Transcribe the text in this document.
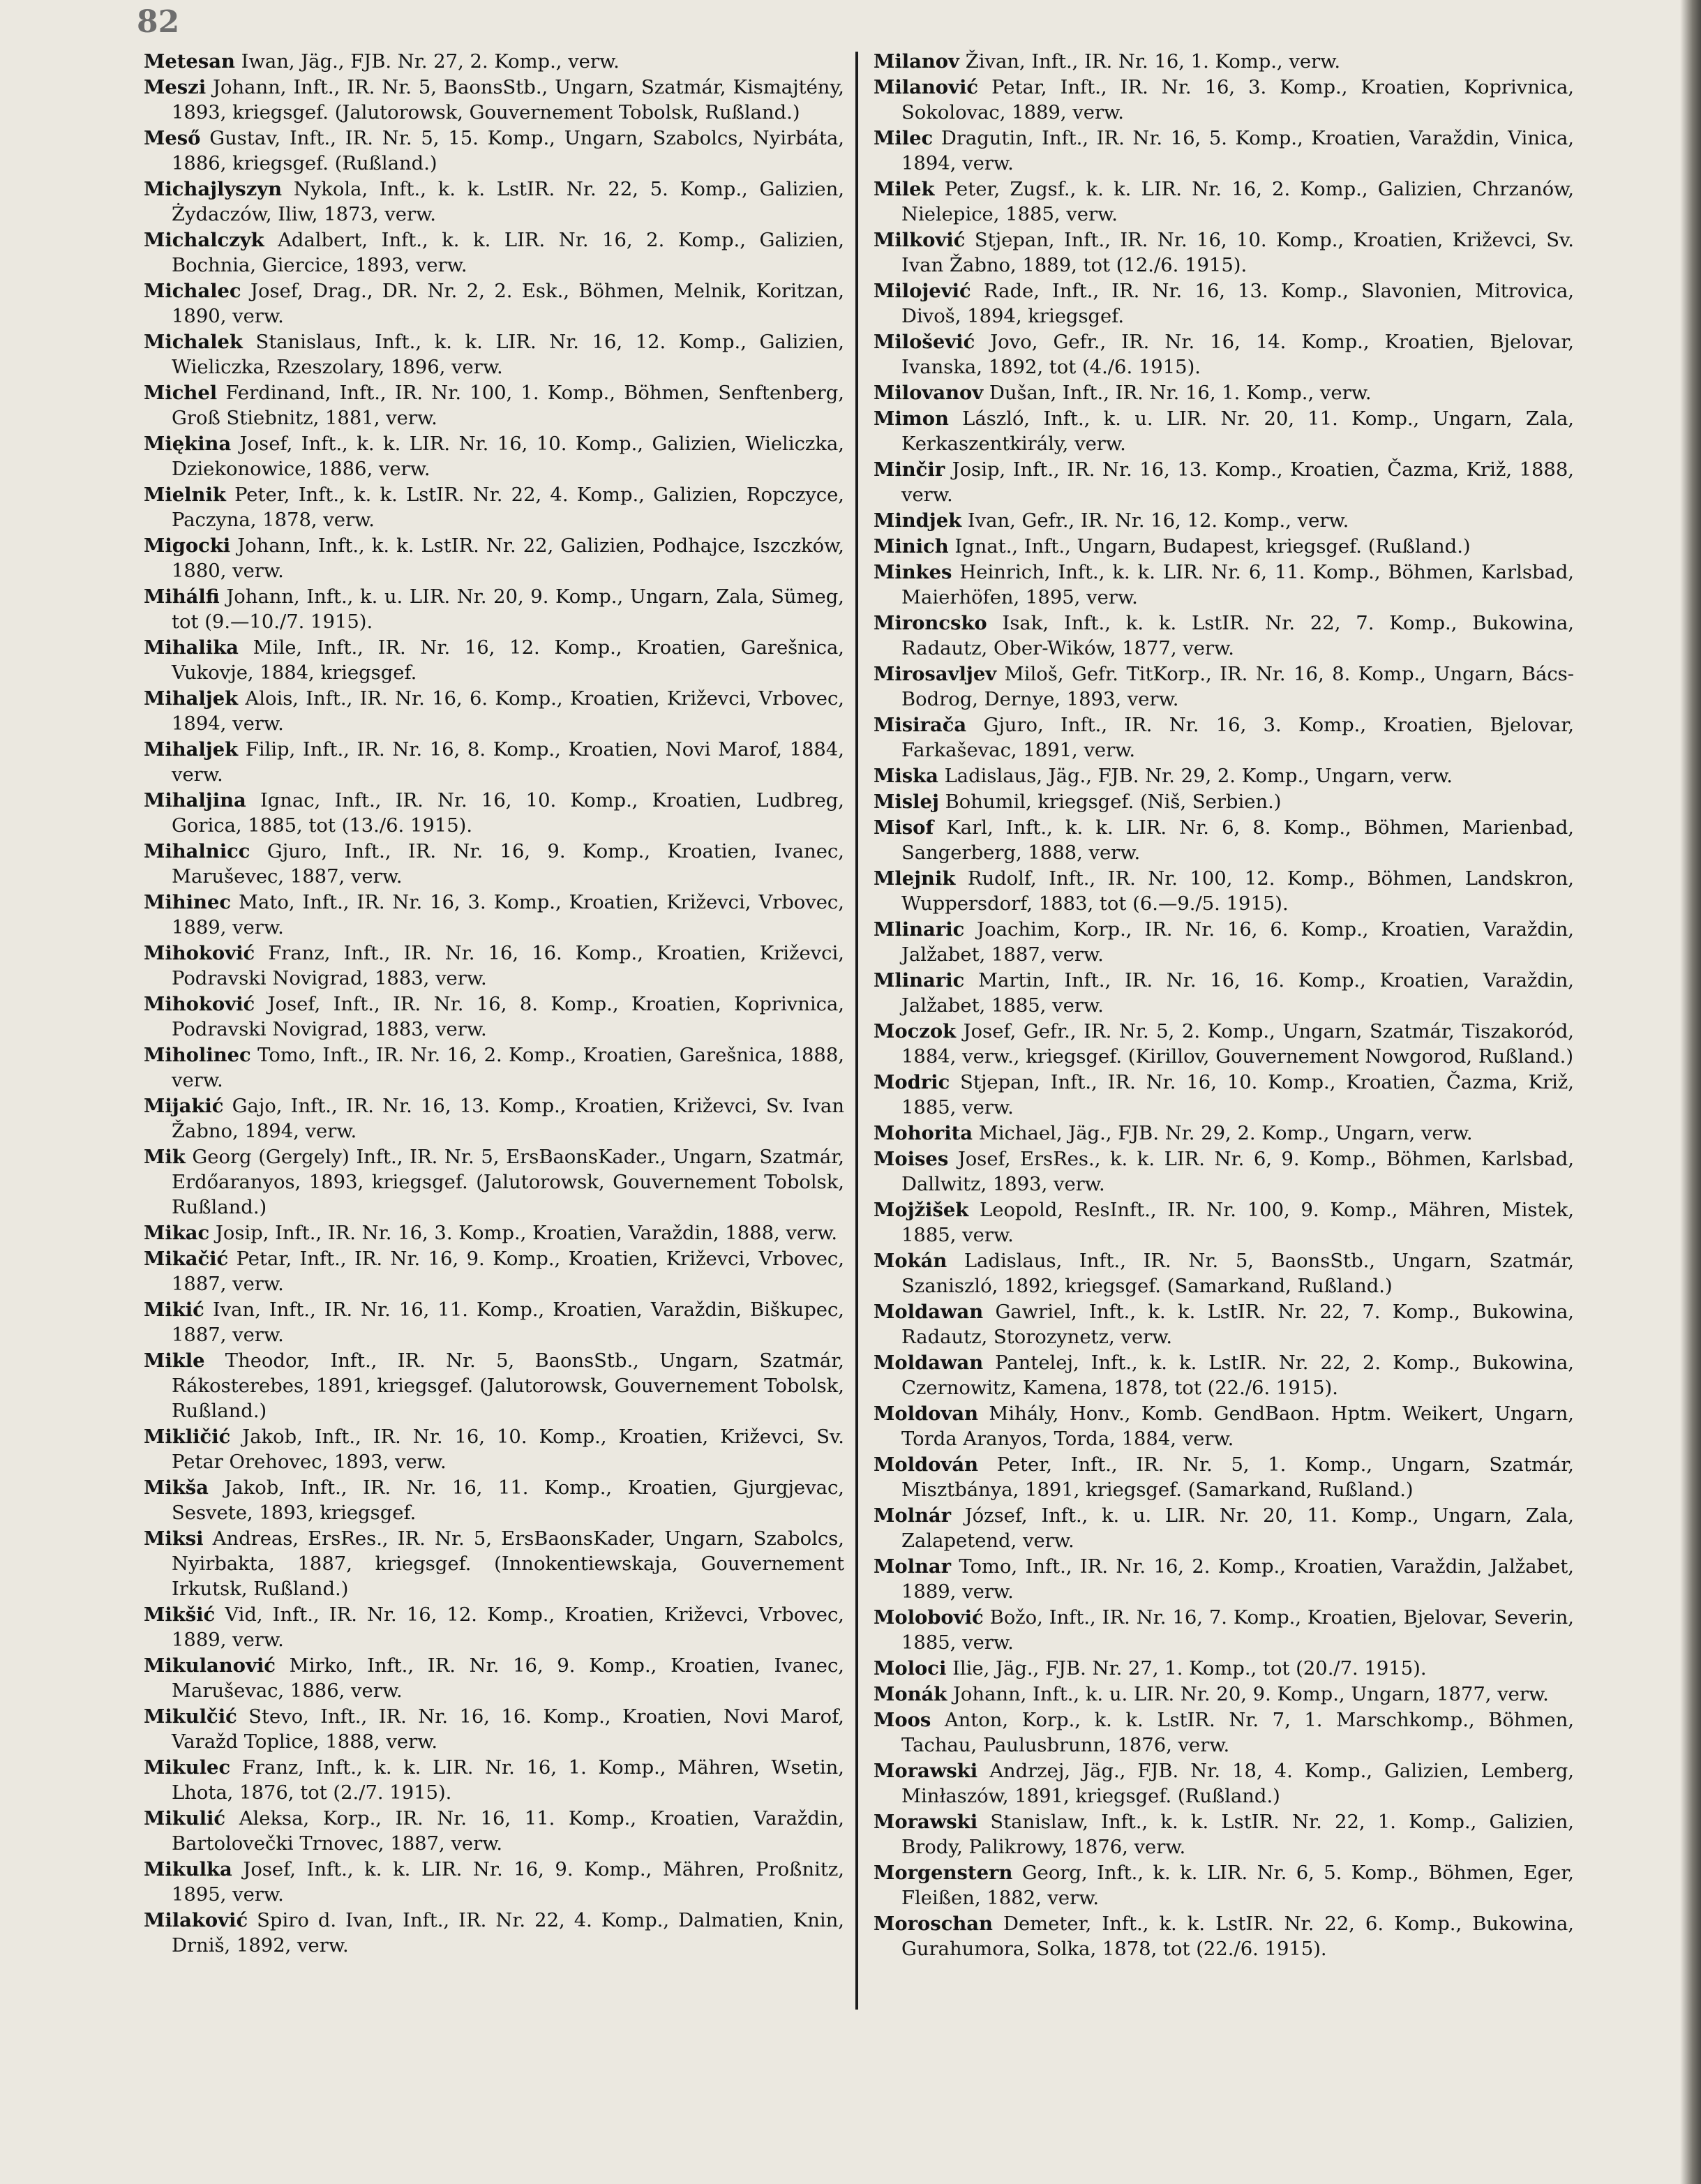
82

Metesan Iwan, Jäg., FJB. Nr. 27, 2. Komp., verw.

Meszi Johann, Inft., IR. Nr. 5, BaonsStb., Ungarn, Szatmár, Kismajtény, 1893, kriegsgef. (Jalutorowsk, Gouvernement Tobolsk, Rußland.)

Meső Gustav, Inft., IR. Nr. 5, 15. Komp., Ungarn, Szabolcs, Nyirbáta, 1886, kriegsgef. (Rußland.)

Michajlyszyn Nykola, Inft., k. k. LstIR. Nr. 22, 5. Komp., Galizien, Żydaczów, Iliw, 1873, verw.

Michalczyk Adalbert, Inft., k. k. LIR. Nr. 16, 2. Komp., Galizien, Bochnia, Giercice, 1893, verw.

Michalec Josef, Drag., DR. Nr. 2, 2. Esk., Böhmen, Melnik, Koritzan, 1890, verw.

Michalek Stanislaus, Inft., k. k. LIR. Nr. 16, 12. Komp., Galizien, Wieliczka, Rzeszolary, 1896, verw.

Michel Ferdinand, Inft., IR. Nr. 100, 1. Komp., Böhmen, Senftenberg, Groß Stiebnitz, 1881, verw.

Miękina Josef, Inft., k. k. LIR. Nr. 16, 10. Komp., Galizien, Wieliczka, Dziekonowice, 1886, verw.

Mielnik Peter, Inft., k. k. LstIR. Nr. 22, 4. Komp., Galizien, Ropczyce, Paczyna, 1878, verw.

Migocki Johann, Inft., k. k. LstIR. Nr. 22, Galizien, Podhajce, Iszczków, 1880, verw.

Mihálfi Johann, Inft., k. u. LIR. Nr. 20, 9. Komp., Ungarn, Zala, Sümeg, tot (9.—10./7. 1915).

Mihalika Mile, Inft., IR. Nr. 16, 12. Komp., Kroatien, Garešnica, Vukovje, 1884, kriegsgef.

Mihaljek Alois, Inft., IR. Nr. 16, 6. Komp., Kroatien, Križevci, Vrbovec, 1894, verw.

Mihaljek Filip, Inft., IR. Nr. 16, 8. Komp., Kroatien, Novi Marof, 1884, verw.

Mihaljina Ignac, Inft., IR. Nr. 16, 10. Komp., Kroatien, Ludbreg, Gorica, 1885, tot (13./6. 1915).

Mihalnicc Gjuro, Inft., IR. Nr. 16, 9. Komp., Kroatien, Ivanec, Maruševec, 1887, verw.

Mihinec Mato, Inft., IR. Nr. 16, 3. Komp., Kroatien, Križevci, Vrbovec, 1889, verw.

Mihoković Franz, Inft., IR. Nr. 16, 16. Komp., Kroatien, Križevci, Podravski Novigrad, 1883, verw.

Mihoković Josef, Inft., IR. Nr. 16, 8. Komp., Kroatien, Koprivnica, Podravski Novigrad, 1883, verw.

Miholinec Tomo, Inft., IR. Nr. 16, 2. Komp., Kroatien, Garešnica, 1888, verw.

Mijakić Gajo, Inft., IR. Nr. 16, 13. Komp., Kroatien, Križevci, Sv. Ivan Žabno, 1894, verw.

Mik Georg (Gergely) Inft., IR. Nr. 5, ErsBaonsKader., Ungarn, Szatmár, Erdőaranyos, 1893, kriegsgef. (Jalutorowsk, Gouvernement Tobolsk, Rußland.)

Mikac Josip, Inft., IR. Nr. 16, 3. Komp., Kroatien, Varaždin, 1888, verw.

Mikačić Petar, Inft., IR. Nr. 16, 9. Komp., Kroatien, Križevci, Vrbovec, 1887, verw.

Mikić Ivan, Inft., IR. Nr. 16, 11. Komp., Kroatien, Varaždin, Biškupec, 1887, verw.

Mikle Theodor, Inft., IR. Nr. 5, BaonsStb., Ungarn, Szatmár, Rákosterebes, 1891, kriegsgef. (Jalutorowsk, Gouvernement Tobolsk, Rußland.)

Mikličić Jakob, Inft., IR. Nr. 16, 10. Komp., Kroatien, Križevci, Sv. Petar Orehovec, 1893, verw.

Mikša Jakob, Inft., IR. Nr. 16, 11. Komp., Kroatien, Gjurgjevac, Sesvete, 1893, kriegsgef.

Miksi Andreas, ErsRes., IR. Nr. 5, ErsBaonsKader, Ungarn, Szabolcs, Nyirbakta, 1887, kriegsgef. (Innokentiewskaja, Gouvernement Irkutsk, Rußland.)

Mikšić Vid, Inft., IR. Nr. 16, 12. Komp., Kroatien, Križevci, Vrbovec, 1889, verw.

Mikulanović Mirko, Inft., IR. Nr. 16, 9. Komp., Kroatien, Ivanec, Maruševac, 1886, verw.

Mikulčić Stevo, Inft., IR. Nr. 16, 16. Komp., Kroatien, Novi Marof, Varažd Toplice, 1888, verw.

Mikulec Franz, Inft., k. k. LIR. Nr. 16, 1. Komp., Mähren, Wsetin, Lhota, 1876, tot (2./7. 1915).

Mikulić Aleksa, Korp., IR. Nr. 16, 11. Komp., Kroatien, Varaždin, Bartolovečki Trnovec, 1887, verw.

Mikulka Josef, Inft., k. k. LIR. Nr. 16, 9. Komp., Mähren, Proßnitz, 1895, verw.

Milaković Spiro d. Ivan, Inft., IR. Nr. 22, 4. Komp., Dalmatien, Knin, Drniš, 1892, verw.

Milanov Živan, Inft., IR. Nr. 16, 1. Komp., verw.

Milanović Petar, Inft., IR. Nr. 16, 3. Komp., Kroatien, Koprivnica, Sokolovac, 1889, verw.

Milec Dragutin, Inft., IR. Nr. 16, 5. Komp., Kroatien, Varaždin, Vinica, 1894, verw.

Milek Peter, Zugsf., k. k. LIR. Nr. 16, 2. Komp., Galizien, Chrzanów, Nielepice, 1885, verw.

Milković Stjepan, Inft., IR. Nr. 16, 10. Komp., Kroatien, Križevci, Sv. Ivan Žabno, 1889, tot (12./6. 1915).

Milojević Rade, Inft., IR. Nr. 16, 13. Komp., Slavonien, Mitrovica, Divoš, 1894, kriegsgef.

Milošević Jovo, Gefr., IR. Nr. 16, 14. Komp., Kroatien, Bjelovar, Ivanska, 1892, tot (4./6. 1915).

Milovanov Dušan, Inft., IR. Nr. 16, 1. Komp., verw.

Mimon László, Inft., k. u. LIR. Nr. 20, 11. Komp., Ungarn, Zala, Kerkaszentkirály, verw.

Minčir Josip, Inft., IR. Nr. 16, 13. Komp., Kroatien, Čazma, Križ, 1888, verw.

Mindjek Ivan, Gefr., IR. Nr. 16, 12. Komp., verw.

Minich Ignat., Inft., Ungarn, Budapest, kriegsgef. (Rußland.)

Minkes Heinrich, Inft., k. k. LIR. Nr. 6, 11. Komp., Böhmen, Karlsbad, Maierhöfen, 1895, verw.

Mironcsko Isak, Inft., k. k. LstIR. Nr. 22, 7. Komp., Bukowina, Radautz, Ober-Wików, 1877, verw.

Mirosavljev Miloš, Gefr. TitKorp., IR. Nr. 16, 8. Komp., Ungarn, Bács-Bodrog, Dernye, 1893, verw.

Misirača Gjuro, Inft., IR. Nr. 16, 3. Komp., Kroatien, Bjelovar, Farkaševac, 1891, verw.

Miska Ladislaus, Jäg., FJB. Nr. 29, 2. Komp., Ungarn, verw.

Mislej Bohumil, kriegsgef. (Niš, Serbien.)

Misof Karl, Inft., k. k. LIR. Nr. 6, 8. Komp., Böhmen, Marienbad, Sangerberg, 1888, verw.

Mlejnik Rudolf, Inft., IR. Nr. 100, 12. Komp., Böhmen, Landskron, Wuppersdorf, 1883, tot (6.—9./5. 1915).

Mlinaric Joachim, Korp., IR. Nr. 16, 6. Komp., Kroatien, Varaždin, Jalžabet, 1887, verw.

Mlinaric Martin, Inft., IR. Nr. 16, 16. Komp., Kroatien, Varaždin, Jalžabet, 1885, verw.

Moczok Josef, Gefr., IR. Nr. 5, 2. Komp., Ungarn, Szatmár, Tiszakoród, 1884, verw., kriegsgef. (Kirillov, Gouvernement Nowgorod, Rußland.)

Modric Stjepan, Inft., IR. Nr. 16, 10. Komp., Kroatien, Čazma, Križ, 1885, verw.

Mohorita Michael, Jäg., FJB. Nr. 29, 2. Komp., Ungarn, verw.

Moises Josef, ErsRes., k. k. LIR. Nr. 6, 9. Komp., Böhmen, Karlsbad, Dallwitz, 1893, verw.

Mojžišek Leopold, ResInft., IR. Nr. 100, 9. Komp., Mähren, Mistek, 1885, verw.

Mokán Ladislaus, Inft., IR. Nr. 5, BaonsStb., Ungarn, Szatmár, Szaniszló, 1892, kriegsgef. (Samarkand, Rußland.)

Moldawan Gawriel, Inft., k. k. LstIR. Nr. 22, 7. Komp., Bukowina, Radautz, Storozynetz, verw.

Moldawan Pantelej, Inft., k. k. LstIR. Nr. 22, 2. Komp., Bukowina, Czernowitz, Kamena, 1878, tot (22./6. 1915).

Moldovan Mihály, Honv., Komb. GendBaon. Hptm. Weikert, Ungarn, Torda Aranyos, Torda, 1884, verw.

Moldován Peter, Inft., IR. Nr. 5, 1. Komp., Ungarn, Szatmár, Misztbánya, 1891, kriegsgef. (Samarkand, Rußland.)

Molnár József, Inft., k. u. LIR. Nr. 20, 11. Komp., Ungarn, Zala, Zalapetend, verw.

Molnar Tomo, Inft., IR. Nr. 16, 2. Komp., Kroatien, Varaždin, Jalžabet, 1889, verw.

Molobović Božo, Inft., IR. Nr. 16, 7. Komp., Kroatien, Bjelovar, Severin, 1885, verw.

Moloci Ilie, Jäg., FJB. Nr. 27, 1. Komp., tot (20./7. 1915).

Monák Johann, Inft., k. u. LIR. Nr. 20, 9. Komp., Ungarn, 1877, verw.

Moos Anton, Korp., k. k. LstIR. Nr. 7, 1. Marschkomp., Böhmen, Tachau, Paulusbrunn, 1876, verw.

Morawski Andrzej, Jäg., FJB. Nr. 18, 4. Komp., Galizien, Lemberg, Minłaszów, 1891, kriegsgef. (Rußland.)

Morawski Stanislaw, Inft., k. k. LstIR. Nr. 22, 1. Komp., Galizien, Brody, Palikrowy, 1876, verw.

Morgenstern Georg, Inft., k. k. LIR. Nr. 6, 5. Komp., Böhmen, Eger, Fleißen, 1882, verw.

Moroschan Demeter, Inft., k. k. LstIR. Nr. 22, 6. Komp., Bukowina, Gurahumora, Solka, 1878, tot (22./6. 1915).
